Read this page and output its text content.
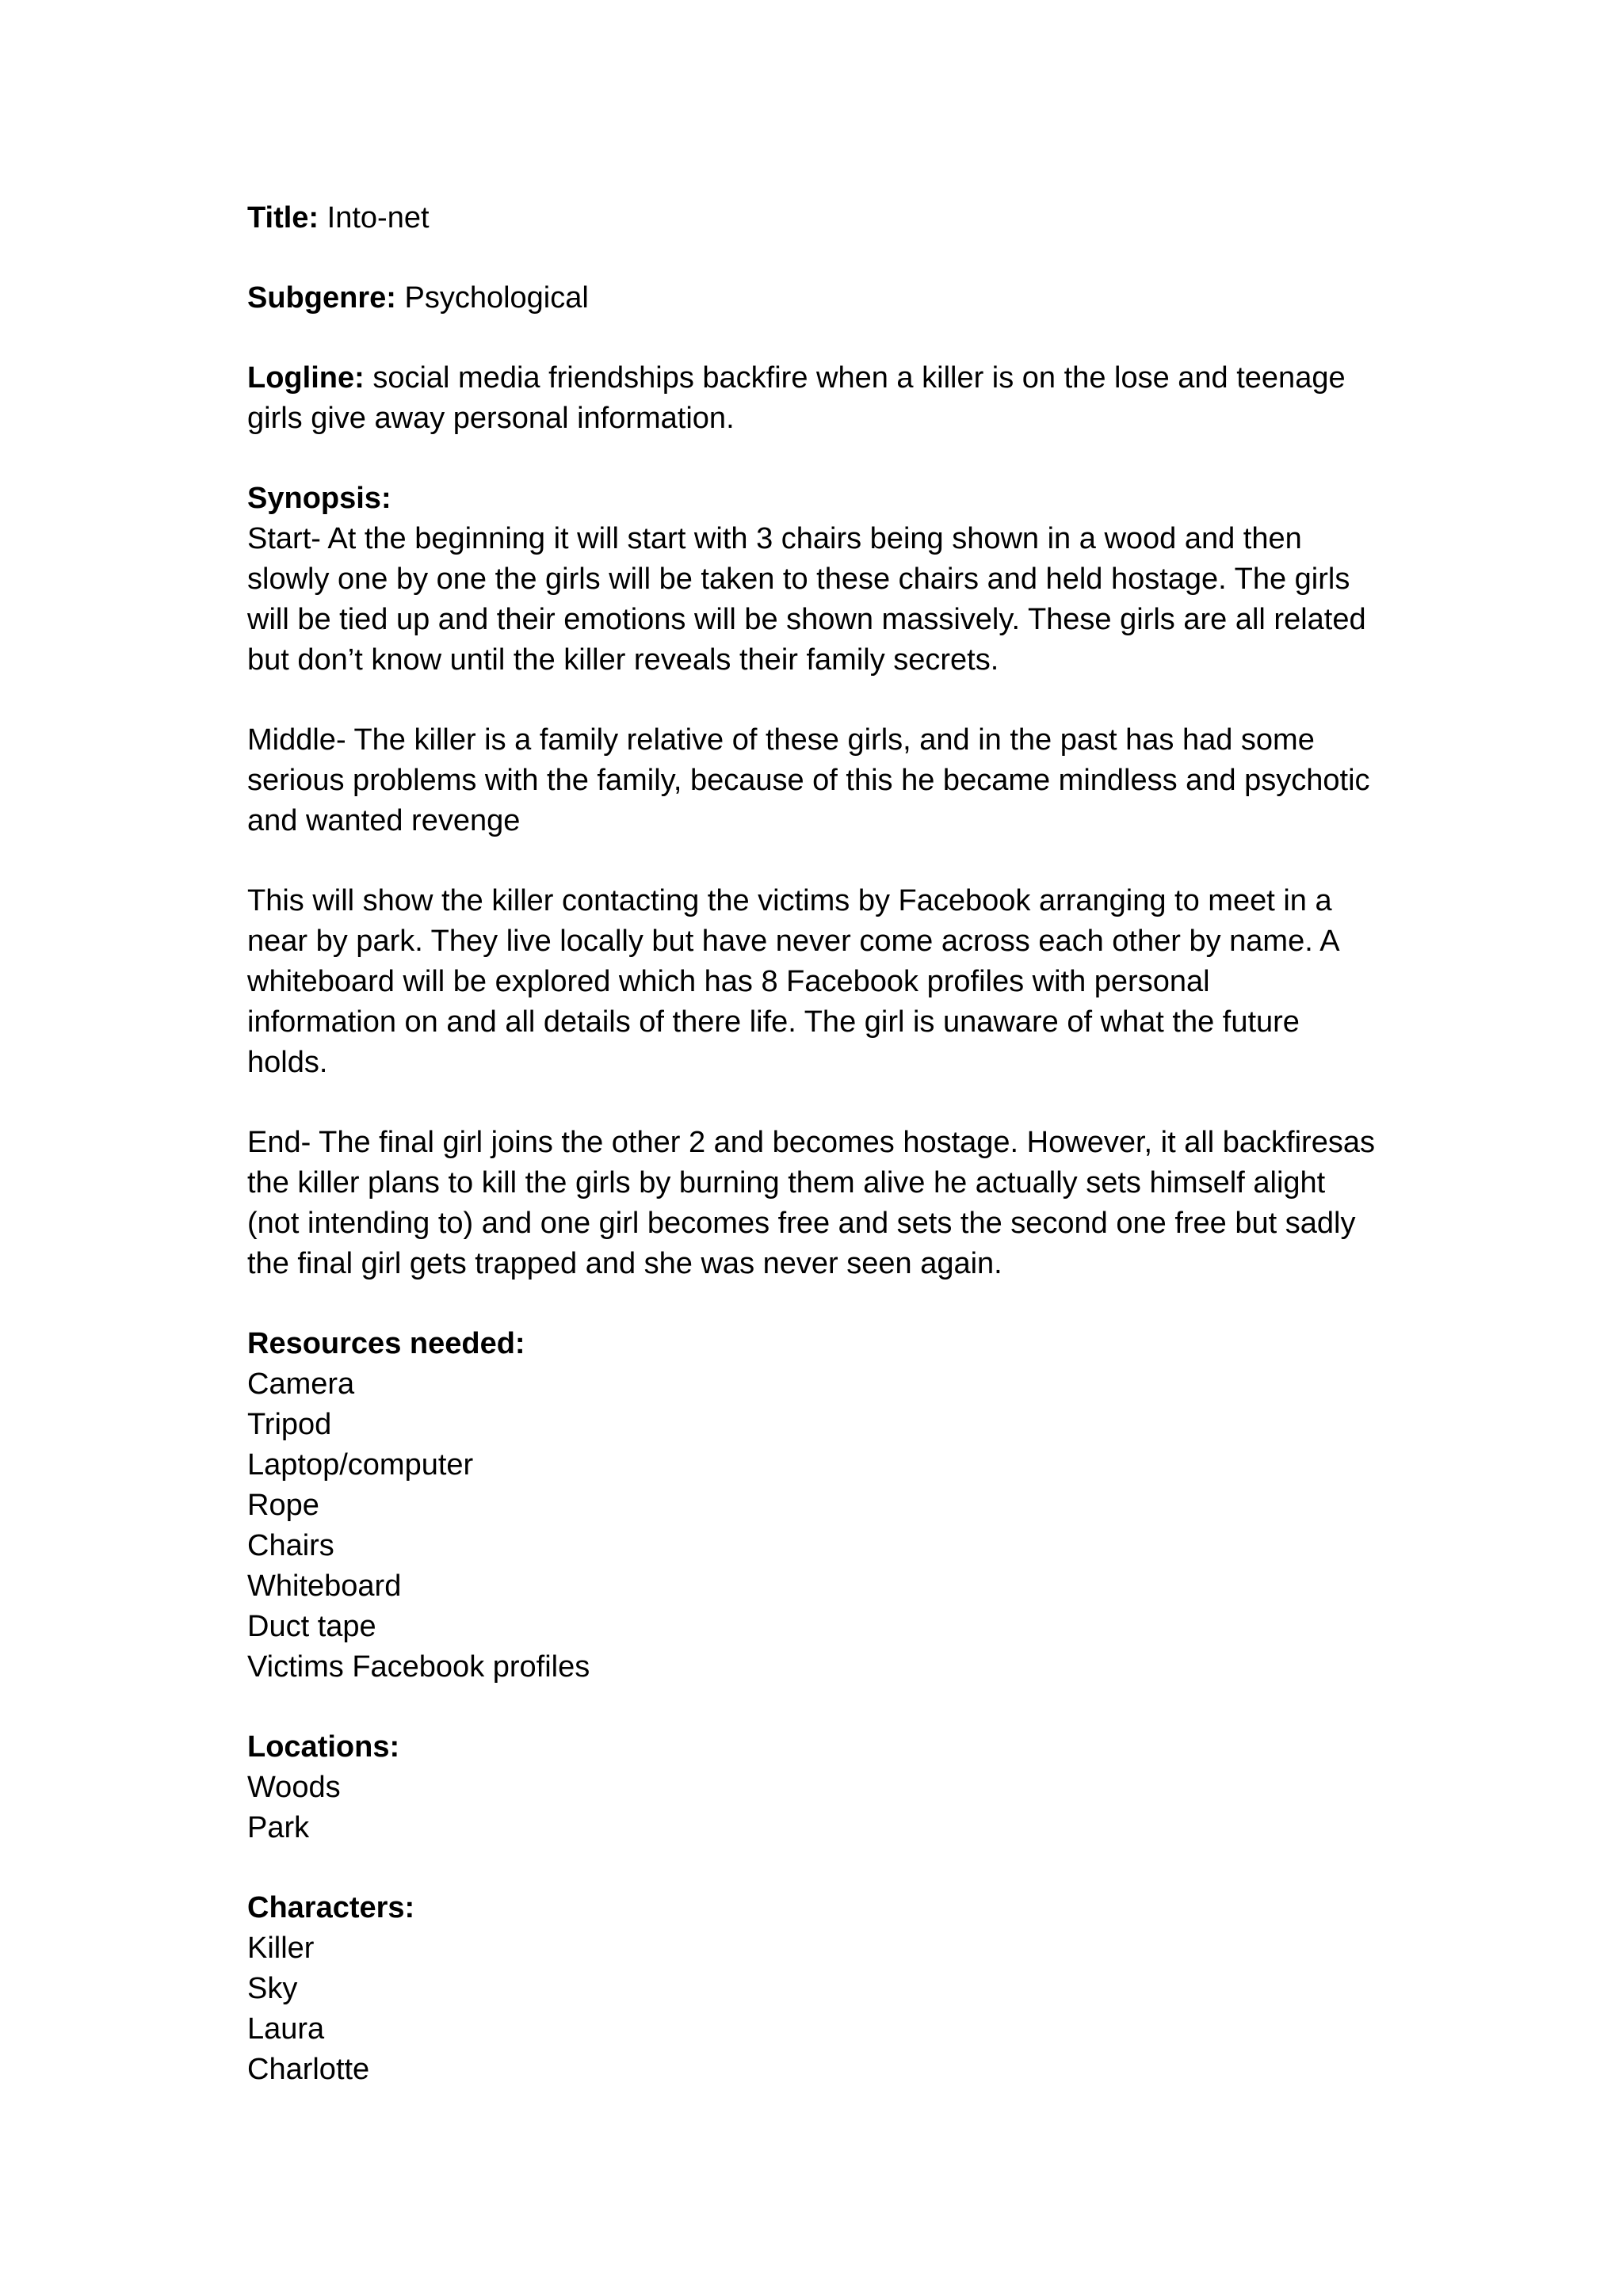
Title: Into-net
Subgenre: Psychological
Logline: social media friendships backfire when a killer is on the lose and teenage
girls give away personal information.
Synopsis:
Start- At the beginning it will start with 3 chairs being shown in a wood and then
slowly one by one the girls will be taken to these chairs and held hostage. The girls
will be tied up and their emotions will be shown massively. These girls are all related
but don’t know until the killer reveals their family secrets.
Middle- The killer is a family relative of these girls, and in the past has had some
serious problems with the family, because of this he became mindless and psychotic
and wanted revenge
This will show the killer contacting the victims by Facebook arranging to meet in a
near by park. They live locally but have never come across each other by name. A
whiteboard will be explored which has 8 Facebook profiles with personal
information on and all details of there life. The girl is unaware of what the future
holds.
End- The final girl joins the other 2 and becomes hostage. However, it all backfiresas
the killer plans to kill the girls by burning them alive he actually sets himself alight
(not intending to) and one girl becomes free and sets the second one free but sadly
the final girl gets trapped and she was never seen again.
Resources needed:
Camera
Tripod
Laptop/computer
Rope
Chairs
Whiteboard
Duct tape
Victims Facebook profiles
Locations:
Woods
Park
Characters:
Killer
Sky
Laura
Charlotte
